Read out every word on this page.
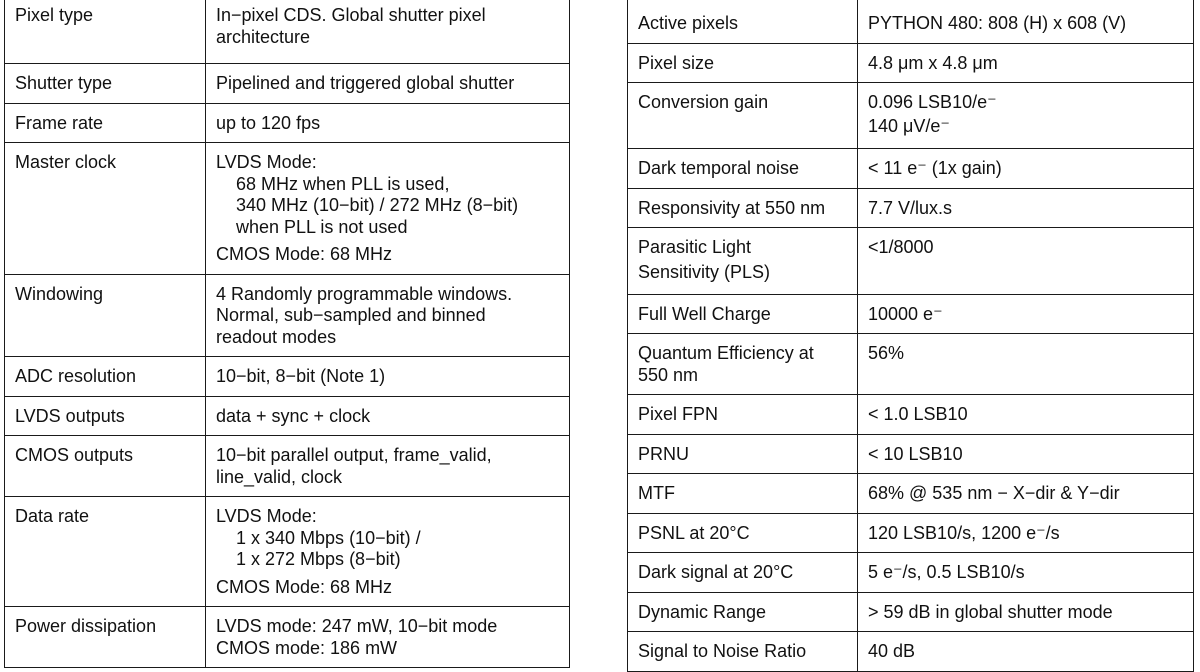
Pixel type	In−pixel CDS. Global shutter pixel
architecture

Shutter type	Pipelined and triggered global shutter

Frame rate	up to 120 fps

Master clock	LVDS Mode:
68 MHz when PLL is used,
340 MHz (10−bit) / 272 MHz (8−bit)
when PLL is not used
CMOS Mode: 68 MHz

Windowing	4 Randomly programmable windows.
Normal, sub−sampled and binned
readout modes

ADC resolution	10−bit, 8−bit (Note 1)

LVDS outputs	data + sync + clock

CMOS outputs	10−bit parallel output, frame_valid,
line_valid, clock

Data rate	LVDS Mode:
1 x 340 Mbps (10−bit) /
1 x 272 Mbps (8−bit)
CMOS Mode: 68 MHz

Power dissipation	LVDS mode: 247 mW, 10−bit mode
CMOS mode: 186 mW
Active pixels	PYTHON 480: 808 (H) x 608 (V)

Pixel size	4.8 μm x 4.8 μm

Conversion gain	0.096 LSB10/e⁻
140 μV/e⁻

Dark temporal noise	< 11 e⁻ (1x gain)

Responsivity at 550 nm	7.7 V/lux.s

Parasitic Light
Sensitivity (PLS)	<1/8000

Full Well Charge	10000 e⁻

Quantum Efficiency at
550 nm	56%

Pixel FPN	< 1.0 LSB10

PRNU	< 10 LSB10

MTF	68% @ 535 nm − X−dir & Y−dir

PSNL at 20°C	120 LSB10/s, 1200 e⁻/s

Dark signal at 20°C	5 e⁻/s, 0.5 LSB10/s

Dynamic Range	> 59 dB in global shutter mode

Signal to Noise Ratio	40 dB
